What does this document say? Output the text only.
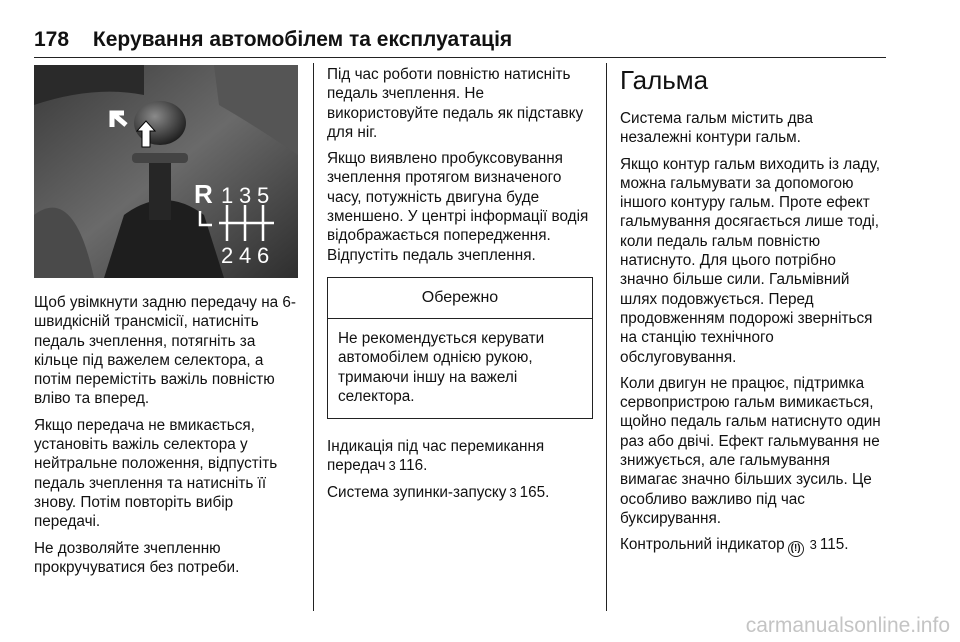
178 Керування автомобілем та експлуатація
R 1 3 5
2 4 6

Щоб увімкнути задню передачу на 6-швидкісній трансмісії, натисніть педаль зчеплення, потягніть за кільце під важелем селектора, а потім перемістіть важіль повністю вліво та вперед.

Якщо передача не вмикається, установіть важіль селектора у нейтральне положення, відпустіть педаль зчеплення та натисніть її знову. Потім повторіть вибір передачі.

Не дозволяйте зчепленню прокручуватися без потреби.

Під час роботи повністю натисніть педаль зчеплення. Не використовуйте педаль як підставку для ніг.

Якщо виявлено пробуксовування зчеплення протягом визначеного часу, потужність двигуна буде зменшено. У центрі інформації водія відображається попередження. Відпустіть педаль зчеплення.

Обережно
Не рекомендується керувати автомобілем однією рукою, тримаючи іншу на важелі селектора.

Індикація під час перемикання передач 3 116.

Система зупинки-запуску 3 165.

Гальма

Система гальм містить два незалежні контури гальм.

Якщо контур гальм виходить із ладу, можна гальмувати за допомогою іншого контуру гальм. Проте ефект гальмування досягається лише тоді, коли педаль гальм повністю натиснуто. Для цього потрібно значно більше сили. Гальмівний шлях подовжується. Перед продовженням подорожі зверніться на станцію технічного обслуговування.

Коли двигун не працює, підтримка сервопристрою гальм вимикається, щойно педаль гальм натиснуто один раз або двічі. Ефект гальмування не знижується, але гальмування вимагає значно більших зусиль. Це особливо важливо під час буксирування.

Контрольний індикатор (!) 3 115.

carmanualsonline.info
